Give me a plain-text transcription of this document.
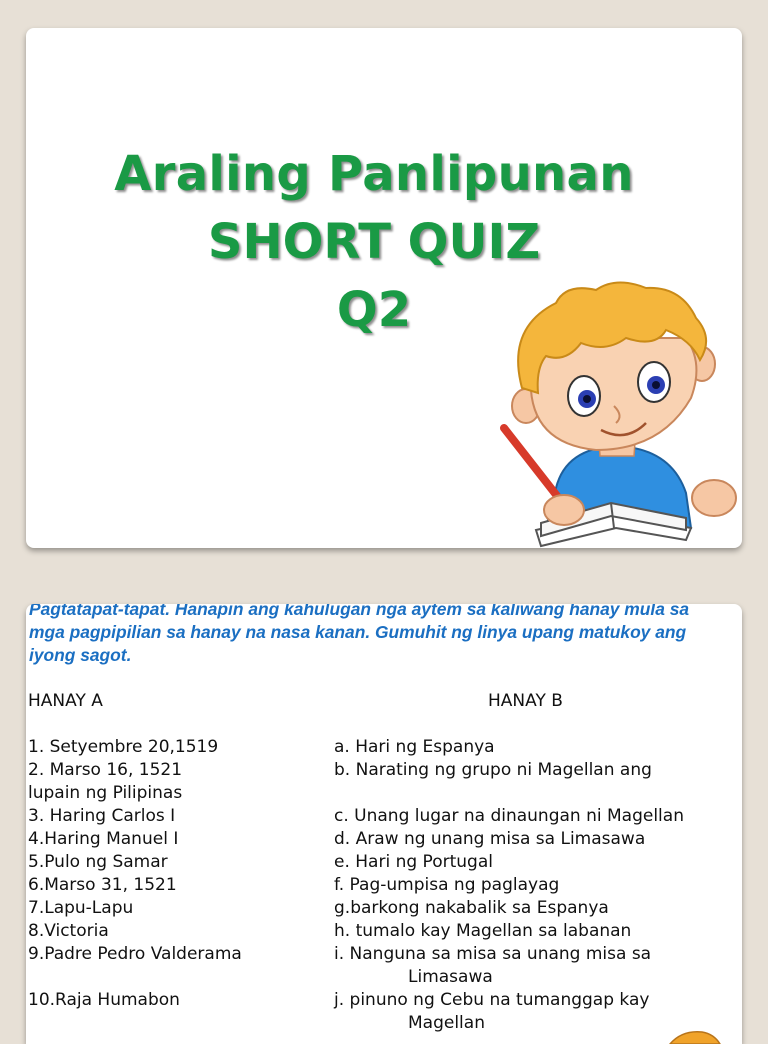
Araling Panlipunan
SHORT QUIZ
Q2
Pagtatapat-tapat. Hanapin ang kahulugan nga aytem sa kaliwang hanay mula sa mga pagpipilian sa hanay na nasa kanan. Gumuhit ng linya upang matukoy ang iyong sagot.
HANAY A	HANAY B
1. Setyembre 20,1519
2. Marso 16, 1521
lupain ng Pilipinas
3. Haring Carlos I
4.Haring Manuel I
5.Pulo ng Samar
6.Marso 31, 1521
7.Lapu-Lapu
8.Victoria
9.Padre Pedro Valderama
10.Raja Humabon
a. Hari ng Espanya
b. Narating ng grupo ni Magellan ang
c. Unang lugar na dinaungan ni Magellan
d. Araw ng unang misa sa Limasawa
e. Hari ng Portugal
f. Pag-umpisa ng paglayag
g.barkong nakabalik sa Espanya
h. tumalo kay Magellan sa labanan
i. Nanguna sa misa sa unang misa sa
Limasawa
j. pinuno ng Cebu na tumanggap kay
Magellan
